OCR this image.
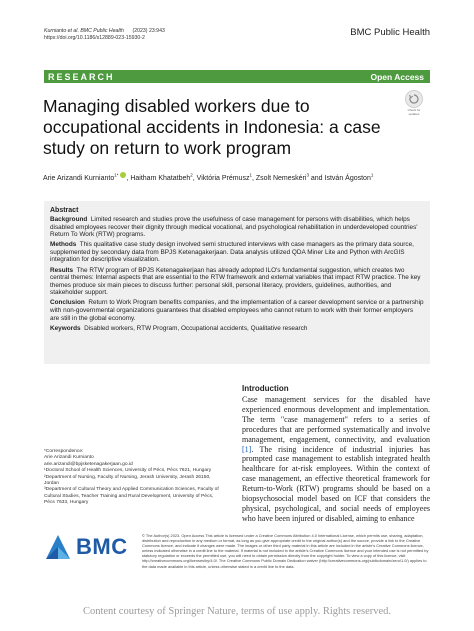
Kurnianto et al. BMC Public Health (2023) 23:943
https://doi.org/10.1186/s12889-023-15930-2	BMC Public Health
RESEARCH	Open Access
Check for updates
Managing disabled workers due to occupational accidents in Indonesia: a case study on return to work program
Arie Arizandi Kurnianto$^{1*}$ , Haitham Khatatbeh$^2$, Viktória Prémusz$^1$, Zsolt Nemeskéri$^3$ and István Ágoston$^1$
Abstract

Background Limited research and studies prove the usefulness of case management for persons with disabilities, which helps disabled employees recover their dignity through medical vocational, and psychological rehabilitation in underdeveloped countries' Return To Work (RTW) programs.

Methods This qualitative case study design involved semi structured interviews with case managers as the primary data source, supplemented by secondary data from BPJS Ketenagakerjaan. Data analysis utilized QDA Miner Lite and Python with ArcGIS integration for descriptive visualization.

Results The RTW program of BPJS Ketenagakerjaan has already adopted ILO's fundamental suggestion, which creates two central themes: Internal aspects that are essential to the RTW framework and external variables that impact RTW practice. The key themes produce six main pieces to discuss further: personal skill, personal literacy, providers, guidelines, authorities, and stakeholder support.

Conclusion Return to Work Program benefits companies, and the implementation of a career development service or a partnership with non-governmental organizations guarantees that disabled employees who cannot return to work with their former employers are still in the global economy.

Keywords Disabled workers, RTW Program, Occupational accidents, Qualitative research

*Correspondence:
Arie Arizandi Kurnianto
arie.arizandi@bpjsketenagakerjaan.go.id
¹Doctoral School of Health Sciences, University of Pécs, Pécs 7621, Hungary
²Department of Nursing, Faculty of Nursing, Jerash University, Jerash 26150, Jordan
³Department of Cultural Theory and Applied Communication Sciences, Faculty of Cultural Studies, Teacher Training and Rural Development, University of Pécs, Pécs 7633, Hungary
Introduction
Case management services for the disabled have experienced enormous development and implementation. The term "case management" refers to a series of procedures that are performed systematically and involve management, engagement, connectivity, and evaluation [1]. The rising incidence of industrial injuries has prompted case management to establish integrated health healthcare for at-risk employees. Within the context of case management, an effective theoretical framework for Return-to-Work (RTW) programs should be based on a biopsychosocial model based on ICF that considers the physical, psychological, and social needs of employees who have been injured or disabled, aiming to enhance
BMC	© The Author(s) 2023. Open Access This article is licensed under a Creative Commons Attribution 4.0 International License, which permits use, sharing, adaptation, distribution and reproduction in any medium or format, as long as you give appropriate credit to the original author(s) and the source, provide a link to the Creative Commons licence, and indicate if changes were made. The images or other third party material in this article are included in the article's Creative Commons licence, unless indicated otherwise in a credit line to the material. If material is not included in the article's Creative Commons licence and your intended use is not permitted by statutory regulation or exceeds the permitted use, you will need to obtain permission directly from the copyright holder. To view a copy of this licence, visit http://creativecommons.org/licenses/by/4.0/. The Creative Commons Public Domain Dedication waiver (http://creativecommons.org/publicdomain/zero/1.0/) applies to the data made available in this article, unless otherwise stated in a credit line to the data.
Content courtesy of Springer Nature, terms of use apply. Rights reserved.
